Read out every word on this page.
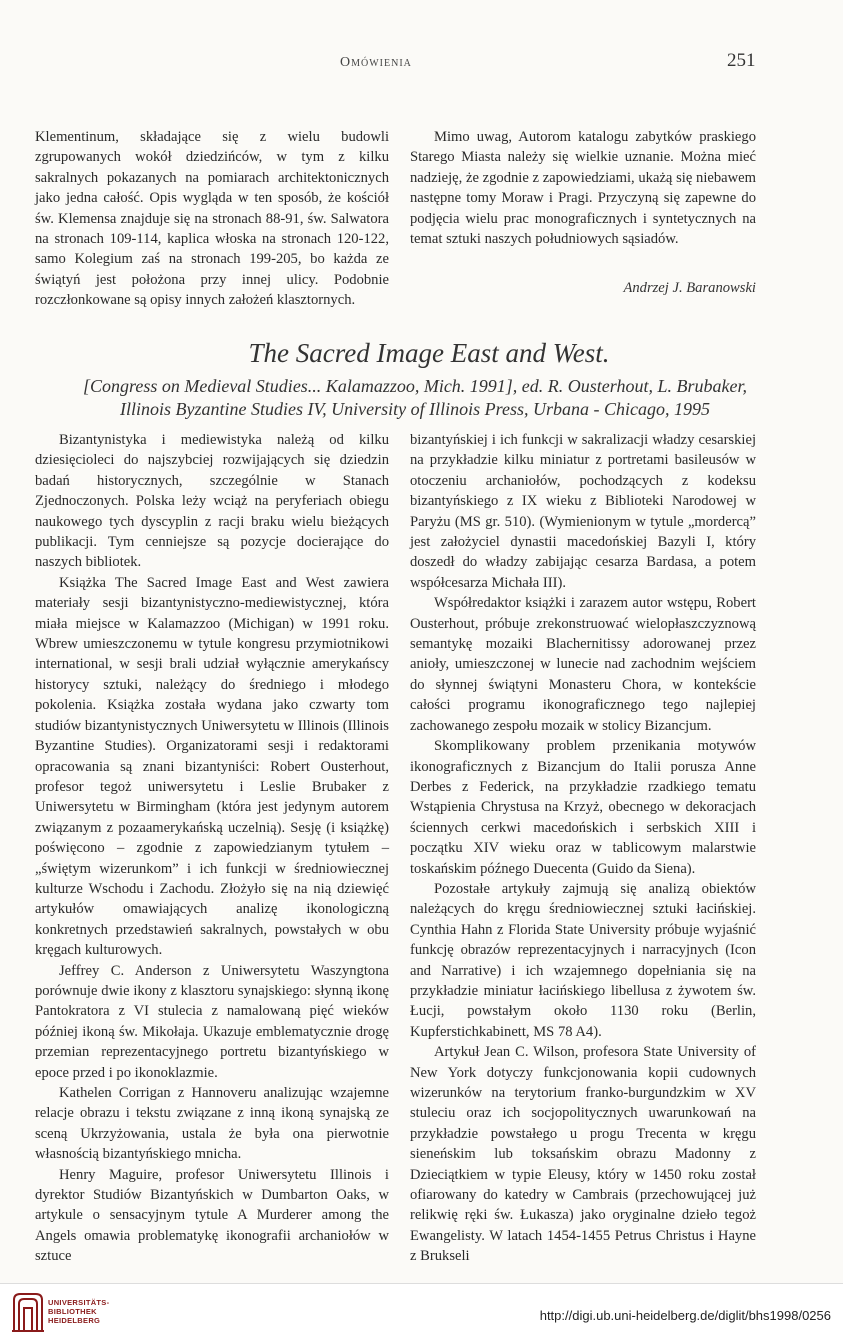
Omówienia	251

Klementinum, składające się z wielu budowli zgrupowanych wokół dziedzińców, w tym z kilku sakralnych pokazanych na pomiarach architektonicznych jako jedna całość. Opis wygląda w ten sposób, że kościół św. Klemensa znajduje się na stronach 88-91, św. Salwatora na stronach 109-114, kaplica włoska na stronach 120-122, samo Kolegium zaś na stronach 199-205, bo każda ze świątyń jest położona przy innej ulicy. Podobnie rozczłonkowane są opisy innych założeń klasztornych.

Mimo uwag, Autorom katalogu zabytków praskiego Starego Miasta należy się wielkie uznanie. Można mieć nadzieję, że zgodnie z zapowiedziami, ukażą się niebawem następne tomy Moraw i Pragi. Przyczyną się zapewne do podjęcia wielu prac monograficznych i syntetycznych na temat sztuki naszych południowych sąsiadów.

Andrzej J. Baranowski
The Sacred Image East and West.
[Congress on Medieval Studies... Kalamazzoo, Mich. 1991], ed. R. Ousterhout, L. Brubaker,
Illinois Byzantine Studies IV, University of Illinois Press, Urbana - Chicago, 1995

Bizantynistyka i mediewistyka należą od kilku dziesięcioleci do najszybciej rozwijających się dziedzin badań historycznych, szczególnie w Stanach Zjednoczonych. Polska leży wciąż na peryferiach obiegu naukowego tych dyscyplin z racji braku wielu bieżących publikacji. Tym cenniejsze są pozycje docierające do naszych bibliotek.

Książka The Sacred Image East and West zawiera materiały sesji bizantynistyczno-mediewistycznej, która miała miejsce w Kalamazzoo (Michigan) w 1991 roku. Wbrew umieszczonemu w tytule kongresu przymiotnikowi international, w sesji brali udział wyłącznie amerykańscy historycy sztuki, należący do średniego i młodego pokolenia. Książka została wydana jako czwarty tom studiów bizantynistycznych Uniwersytetu w Illinois (Illinois Byzantine Studies). Organizatorami sesji i redaktorami opracowania są znani bizantyniści: Robert Ousterhout, profesor tegoż uniwersytetu i Leslie Brubaker z Uniwersytetu w Birmingham (która jest jedynym autorem związanym z pozaamerykańską uczelnią). Sesję (i książkę) poświęcono – zgodnie z zapowiedzianym tytułem – „świętym wizerunkom” i ich funkcji w średniowiecznej kulturze Wschodu i Zachodu. Złożyło się na nią dziewięć artykułów omawiających analizę ikonologiczną konkretnych przedstawień sakralnych, powstałych w obu kręgach kulturowych.

Jeffrey C. Anderson z Uniwersytetu Waszyngtona porównuje dwie ikony z klasztoru synajskiego: słynną ikonę Pantokratora z VI stulecia z namalowaną pięć wieków później ikoną św. Mikołaja. Ukazuje emblematycznie drogę przemian reprezentacyjnego portretu bizantyńskiego w epoce przed i po ikonoklazmie.

Kathelen Corrigan z Hannoveru analizując wzajemne relacje obrazu i tekstu związane z inną ikoną synajską ze sceną Ukrzyżowania, ustala że była ona pierwotnie własnością bizantyńskiego mnicha.

Henry Maguire, profesor Uniwersytetu Illinois i dyrektor Studiów Bizantyńskich w Dumbarton Oaks, w artykule o sensacyjnym tytule A Murderer among the Angels omawia problematykę ikonografii archaniołów w sztuce

bizantyńskiej i ich funkcji w sakralizacji władzy cesarskiej na przykładzie kilku miniatur z portretami basileusów w otoczeniu archaniołów, pochodzących z kodeksu bizantyńskiego z IX wieku z Biblioteki Narodowej w Paryżu (MS gr. 510). (Wymienionym w tytule „mordercą” jest założyciel dynastii macedońskiej Bazyli I, który doszedł do władzy zabijając cesarza Bardasa, a potem współcesarza Michała III).

Współredaktor książki i zarazem autor wstępu, Robert Ousterhout, próbuje zrekonstruować wielopłaszczyznową semantykę mozaiki Blachernitissy adorowanej przez anioły, umieszczonej w lunecie nad zachodnim wejściem do słynnej świątyni Monasteru Chora, w kontekście całości programu ikonograficznego tego najlepiej zachowanego zespołu mozaik w stolicy Bizancjum.

Skomplikowany problem przenikania motywów ikonograficznych z Bizancjum do Italii porusza Anne Derbes z Federick, na przykładzie rzadkiego tematu Wstąpienia Chrystusa na Krzyż, obecnego w dekoracjach ściennych cerkwi macedońskich i serbskich XIII i początku XIV wieku oraz w tablicowym malarstwie toskańskim późnego Duecenta (Guido da Siena).

Pozostałe artykuły zajmują się analizą obiektów należących do kręgu średniowiecznej sztuki łacińskiej. Cynthia Hahn z Florida State University próbuje wyjaśnić funkcję obrazów reprezentacyjnych i narracyjnych (Icon and Narrative) i ich wzajemnego dopełniania się na przykładzie miniatur łacińskiego libellusa z żywotem św. Łucji, powstałym około 1130 roku (Berlin, Kupferstichkabinett, MS 78 A4).

Artykuł Jean C. Wilson, profesora State University of New York dotyczy funkcjonowania kopii cudownych wizerunków na terytorium franko-burgundzkim w XV stuleciu oraz ich socjopolitycznych uwarunkowań na przykładzie powstałego u progu Trecenta w kręgu sieneńskim lub toksańskim obrazu Madonny z Dzieciątkiem w typie Eleusy, który w 1450 roku został ofiarowany do katedry w Cambrais (przechowującej już relikwię ręki św. Łukasza) jako oryginalne dzieło tegoż Ewangelisty. W latach 1454-1455 Petrus Christus i Hayne z Brukseli

UNIVERSITÄTS-
BIBLIOTHEK
HEIDELBERG	http://digi.ub.uni-heidelberg.de/diglit/bhs1998/0256
